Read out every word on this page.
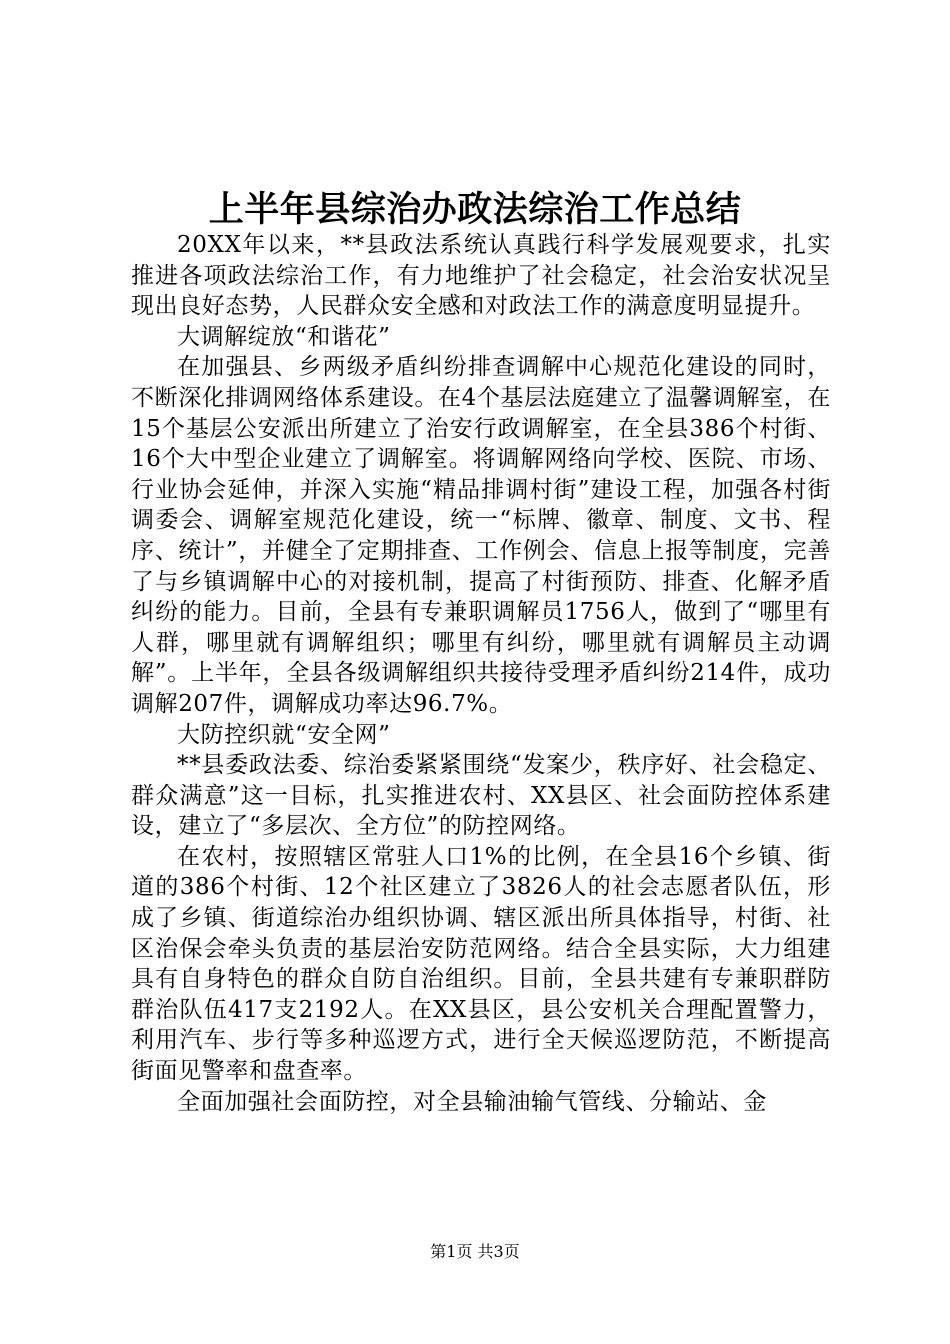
上半年县综治办政法综治工作总结

20XX年以来，**县政法系统认真践行科学发展观要求，扎实推进各项政法综治工作，有力地维护了社会稳定，社会治安状况呈现出良好态势，人民群众安全感和对政法工作的满意度明显提升。

大调解绽放“和谐花”

在加强县、乡两级矛盾纠纷排查调解中心规范化建设的同时，不断深化排调网络体系建设。在4个基层法庭建立了温馨调解室，在15个基层公安派出所建立了治安行政调解室，在全县386个村街、16个大中型企业建立了调解室。将调解网络向学校、医院、市场、行业协会延伸，并深入实施“精品排调村街”建设工程，加强各村街调委会、调解室规范化建设，统一“标牌、徽章、制度、文书、程序、统计”，并健全了定期排查、工作例会、信息上报等制度，完善了与乡镇调解中心的对接机制，提高了村街预防、排查、化解矛盾纠纷的能力。目前，全县有专兼职调解员1756人，做到了“哪里有人群，哪里就有调解组织；哪里有纠纷，哪里就有调解员主动调解”。上半年，全县各级调解组织共接待受理矛盾纠纷214件，成功调解207件，调解成功率达96.7%。

大防控织就“安全网”

**县委政法委、综治委紧紧围绕“发案少，秩序好、社会稳定、群众满意”这一目标，扎实推进农村、XX县区、社会面防控体系建设，建立了“多层次、全方位”的防控网络。

在农村，按照辖区常驻人口1%的比例，在全县16个乡镇、街道的386个村街、12个社区建立了3826人的社会志愿者队伍，形成了乡镇、街道综治办组织协调、辖区派出所具体指导，村街、社区治保会牵头负责的基层治安防范网络。结合全县实际，大力组建具有自身特色的群众自防自治组织。目前，全县共建有专兼职群防群治队伍417支2192人。在XX县区，县公安机关合理配置警力，利用汽车、步行等多种巡逻方式，进行全天候巡逻防范，不断提高街面见警率和盘查率。

全面加强社会面防控，对全县输油输气管线、分输站、金

第1页 共3页
